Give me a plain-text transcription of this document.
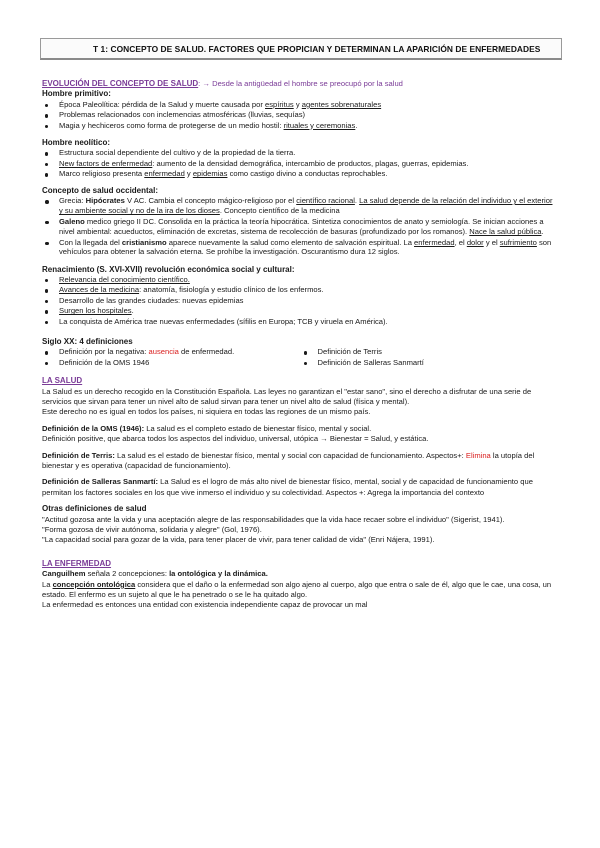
T 1: CONCEPTO DE SALUD. FACTORES QUE PROPICIAN Y DETERMINAN LA APARICIÓN DE ENFERMEDADES

EVOLUCIÓN DEL CONCEPTO DE SALUD: → Desde la antigüedad el hombre se preocupó por la salud

Hombre primitivo:

Época Paleolítica: pérdida de la Salud y muerte causada por espíritus y agentes sobrenaturales
Problemas relacionados con inclemencias atmosféricas (lluvias, sequías)
Magia y hechiceros como forma de protegerse de un medio hostil: rituales y ceremonias.

Hombre neolítico:

Estructura social dependiente del cultivo y de la propiedad de la tierra.
New factors de enfermedad: aumento de la densidad demográfica, intercambio de productos, plagas, guerras, epidemias.
Marco religioso presenta enfermedad y epidemias como castigo divino a conductas reprochables.

Concepto de salud occidental:

Grecia: Hipócrates V AC. Cambia el concepto mágico-religioso por el científico racional. La salud depende de la relación del individuo y el exterior y su ambiente social y no de la ira de los dioses. Concepto científico de la medicina
Galeno medico griego II DC. Consolida en la práctica la teoría hipocrática. Sintetiza conocimientos de anato y semiología. Se inician acciones a nivel ambiental: acueductos, eliminación de excretas, sistema de recolección de basuras (profundizado por los romanos). Nace la salud pública.
Con la llegada del cristianismo aparece nuevamente la salud como elemento de salvación espiritual. La enfermedad, el dolor y el sufrimiento son vehículos para obtener la salvación eterna. Se prohíbe la investigación. Oscurantismo dura 12 siglos.

Renacimiento (S. XVI-XVII) revolución económica social y cultural:

Relevancia del conocimiento científico.
Avances de la medicina: anatomía, fisiología y estudio clínico de los enfermos.
Desarrollo de las grandes ciudades: nuevas epidemias
Surgen los hospitales.
La conquista de América trae nuevas enfermedades (sífilis en Europa; TCB y viruela en América).

Siglo XX: 4 definiciones

Definición por la negativa: ausencia de enfermedad.
Definición de la OMS 1946
Definición de Terris
Definición de Salleras Sanmartí

LA SALUD

La Salud es un derecho recogido en la Constitución Española. Las leyes no garantizan el "estar sano", sino el derecho a disfrutar de una serie de servicios que sirvan para tener un nivel alto de salud sirvan para tener un nivel alto de salud (física y mental).

Este derecho no es igual en todos los países, ni siquiera en todas las regiones de un mismo país.

Definición de la OMS (1946): La salud es el completo estado de bienestar físico, mental y social.

Definición positive, que abarca todos los aspectos del individuo, universal, utópica → Bienestar = Salud, y estática.

Definición de Terris: La salud es el estado de bienestar físico, mental y social con capacidad de funcionamiento. Aspectos+: Elimina la utopía del bienestar y es operativa (capacidad de funcionamiento).

Definición de Salleras Sanmartí: La Salud es el logro de más alto nivel de bienestar físico, mental, social y de capacidad de funcionamiento que permitan los factores sociales en los que vive inmerso el individuo y su colectividad. Aspectos +: Agrega la importancia del contexto

Otras definiciones de salud

"Actitud gozosa ante la vida y una aceptación alegre de las responsabilidades que la vida hace recaer sobre el individuo" (Sigerist, 1941).

"Forma gozosa de vivir autónoma, solidaria y alegre" (Gol, 1976).

"La capacidad social para gozar de la vida, para tener placer de vivir, para tener calidad de vida" (Enri Nájera, 1991).

LA ENFERMEDAD

Canguilhem señala 2 concepciones: la ontológica y la dinámica.

La concepción ontológica considera que el daño o la enfermedad son algo ajeno al cuerpo, algo que entra o sale de él, algo que le cae, una cosa, un estado. El enfermo es un sujeto al que le ha penetrado o se le ha quitado algo.

La enfermedad es entonces una entidad con existencia independiente capaz de provocar un mal
